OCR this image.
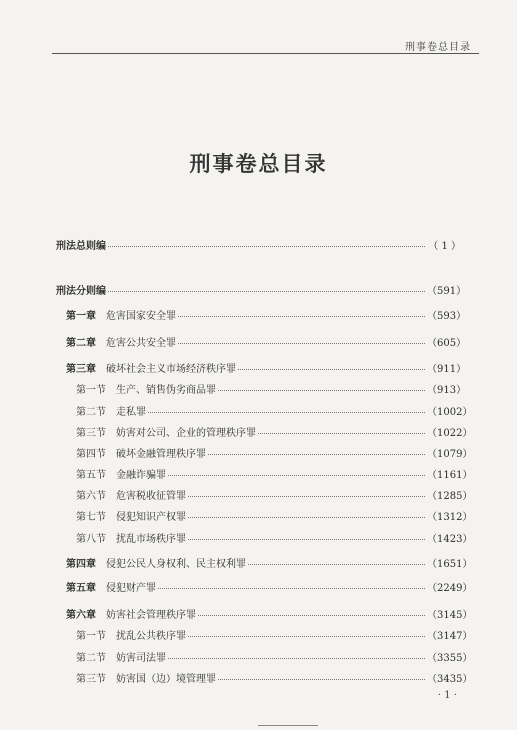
刑事卷总目录
刑事卷总目录
刑法总则编	（ 1 ）
刑法分则编	（591）
第一章 危害国家安全罪	（593）
第二章 危害公共安全罪	（605）
第三章 破坏社会主义市场经济秩序罪	（911）
第一节 生产、销售伪劣商品罪	（913）
第二节 走私罪	（1002）
第三节 妨害对公司、企业的管理秩序罪	（1022）
第四节 破坏金融管理秩序罪	（1079）
第五节 金融诈骗罪	（1161）
第六节 危害税收征管罪	（1285）
第七节 侵犯知识产权罪	（1312）
第八节 扰乱市场秩序罪	（1423）
第四章 侵犯公民人身权利、民主权利罪	（1651）
第五章 侵犯财产罪	（2249）
第六章 妨害社会管理秩序罪	（3145）
第一节 扰乱公共秩序罪	（3147）
第二节 妨害司法罪	（3355）
第三节 妨害国（边）境管理罪	（3435）
· 1 ·
